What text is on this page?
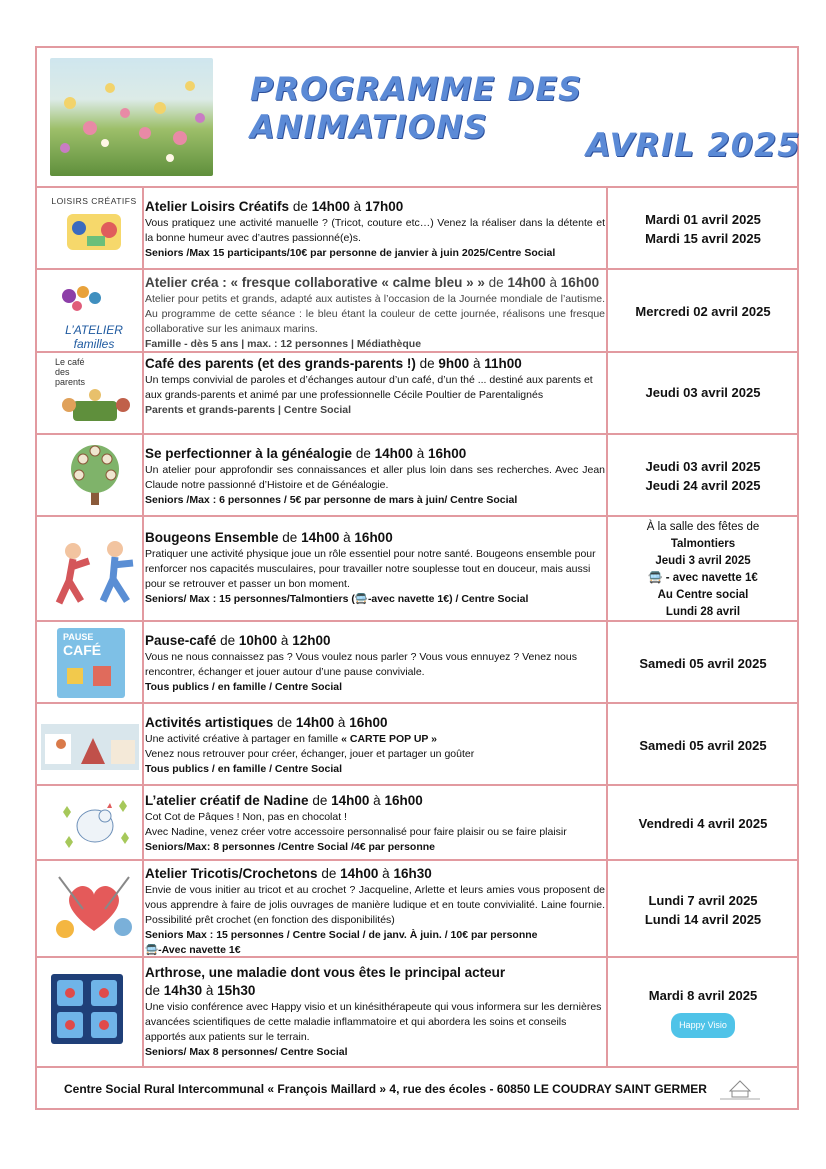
PROGRAMME DES ANIMATIONS	AVRIL 2025
LOISIRS CRÉATIFS Atelier Loisirs Créatifs de 14h00 à 17h00
Vous pratiquez une activité manuelle ? (Tricot, couture etc…) Venez la réaliser dans la détente et la bonne humeur avec d’autres passionné(e)s.
Seniors /Max 15 participants/10€ par personne de janvier à juin 2025/Centre Social
Mardi 01 avril 2025
Mardi 15 avril 2025
L’ATELIER familles
Atelier créa : « fresque collaborative « calme bleu » » de 14h00 à 16h00
Atelier pour petits et grands, adapté aux autistes à l’occasion de la Journée mondiale de l’autisme. Au programme de cette séance : le bleu étant la couleur de cette journée, réalisons une fresque collaborative sur les animaux marins.
Famille - dès 5 ans | max. : 12 personnes | Médiathèque
Mercredi 02 avril 2025
Le café des parents
Café des parents (et des grands-parents !) de 9h00 à 11h00
Un temps convivial de paroles et d’échanges autour d’un café, d’un thé ... destiné aux parents et aux grands-parents et animé par une professionnelle Cécile Poultier de Parentalignés
Parents et grands-parents | Centre Social
Jeudi 03 avril 2025
Se perfectionner à la généalogie de 14h00 à 16h00
Un atelier pour approfondir ses connaissances et aller plus loin dans ses recherches. Avec Jean Claude notre passionné d’Histoire et de Généalogie.
Seniors /Max : 6 personnes / 5€ par personne de mars à juin/ Centre Social
Jeudi 03 avril 2025
Jeudi 24 avril 2025
Bougeons Ensemble de 14h00 à 16h00
Pratiquer une activité physique joue un rôle essentiel pour notre santé. Bougeons ensemble pour renforcer nos capacités musculaires, pour travailler notre souplesse tout en douceur, mais aussi pour se retrouver et passer un bon moment.
Seniors/ Max : 15 personnes/Talmontiers (🚍-avec navette 1€) / Centre Social
À la salle des fêtes de
Talmontiers
Jeudi 3 avril 2025
🚍 - avec navette 1€
Au Centre social
Lundi 28 avril
PAUSE
CAFÉ
Pause-café de 10h00 à 12h00
Vous ne nous connaissez pas ? Vous voulez nous parler ? Vous vous ennuyez ? Venez nous rencontrer, échanger et jouer autour d’une pause conviviale.
Tous publics / en famille / Centre Social
Samedi 05 avril 2025
Activités artistiques de 14h00 à 16h00
Une activité créative à partager en famille « CARTE POP UP »
Venez nous retrouver pour créer, échanger, jouer et partager un goûter
Tous publics / en famille / Centre Social
Samedi 05 avril 2025
L’atelier créatif de Nadine de 14h00 à 16h00
Cot Cot de Pâques ! Non, pas en chocolat !
Avec Nadine, venez créer votre accessoire personnalisé pour faire plaisir ou se faire plaisir
Seniors/Max: 8 personnes /Centre Social /4€ par personne
Vendredi 4 avril 2025
Atelier Tricotis/Crochetons de 14h00 à 16h30
Envie de vous initier au tricot et au crochet ? Jacqueline, Arlette et leurs amies vous proposent de vous apprendre à faire de jolis ouvrages de manière ludique et en toute convivialité. Laine fournie. Possibilité prêt crochet (en fonction des disponibilités)
Seniors Max : 15 personnes / Centre Social / de janv. À juin. / 10€ par personne
🚍-Avec navette 1€
Lundi 7 avril 2025
Lundi 14 avril 2025
Arthrose, une maladie dont vous êtes le principal acteur
de 14h30 à 15h30
Une visio conférence avec Happy visio et un kinésithérapeute qui vous informera sur les dernières avancées scientifiques de cette maladie inflammatoire et qui abordera les soins et conseils apportés aux patients sur le terrain.
Seniors/ Max 8 personnes/ Centre Social
Mardi 8 avril 2025
Happy Visio
Centre Social Rural Intercommunal « François Maillard » 4, rue des écoles - 60850 LE COUDRAY SAINT GERMER
